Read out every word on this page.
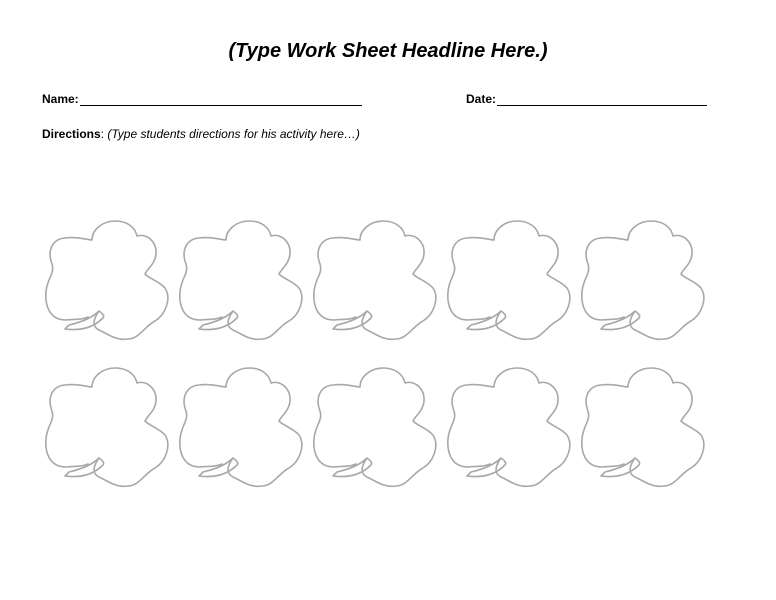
(Type Work Sheet Headline Here.)
Name:	Date:
Directions: (Type students directions for his activity here…)
